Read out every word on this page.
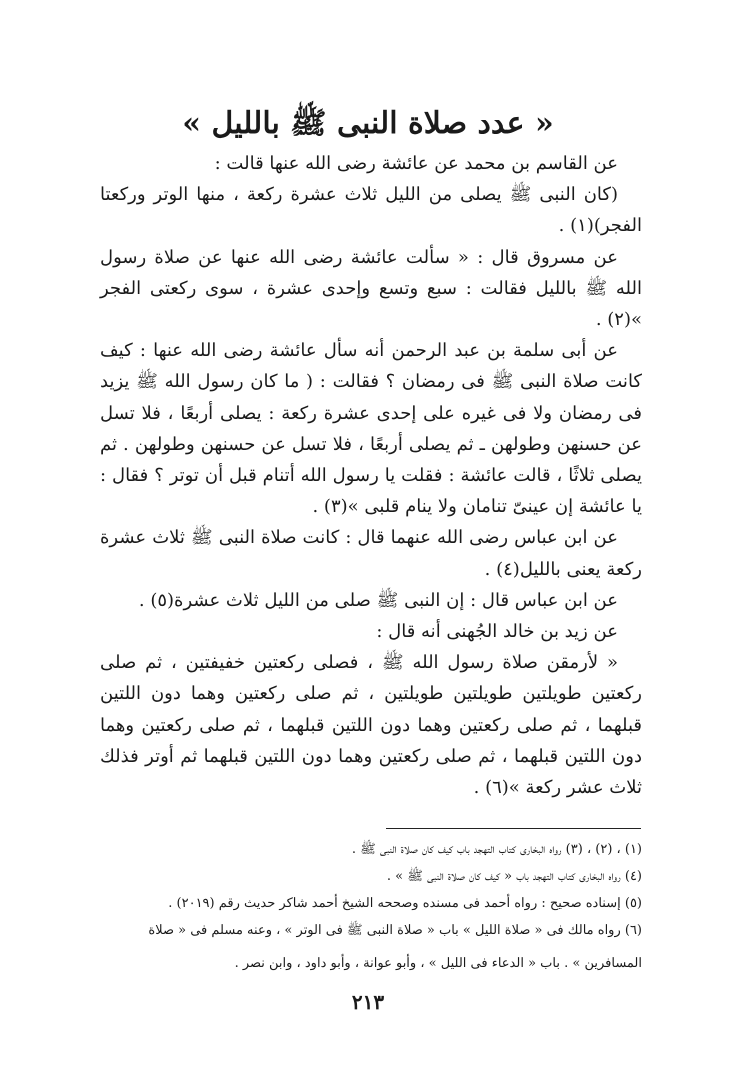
« عدد صلاة النبى ﷺ بالليل »

عن القاسم بن محمد عن عائشة رضى الله عنها قالت :

(كان النبى ﷺ يصلى من الليل ثلاث عشرة ركعة ، منها الوتر وركعتا الفجر)(١) .

عن مسروق قال : « سألت عائشة رضى الله عنها عن صلاة رسول الله ﷺ بالليل فقالت : سبع وتسع وإحدى عشرة ، سوى ركعتى الفجر »(٢) .

عن أبى سلمة بن عبد الرحمن أنه سأل عائشة رضى الله عنها : كيف كانت صلاة النبى ﷺ فى رمضان ؟ فقالت : ( ما كان رسول الله ﷺ يزيد فى رمضان ولا فى غيره على إحدى عشرة ركعة : يصلى أربعًا ، فلا تسل عن حسنهن وطولهن ـ ثم يصلى أربعًا ، فلا تسل عن حسنهن وطولهن . ثم يصلى ثلاثًا ، قالت عائشة : فقلت يا رسول الله أتنام قبل أن توتر ؟ فقال : يا عائشة إن عينىّ تنامان ولا ينام قلبى »(٣) .

عن ابن عباس رضى الله عنهما قال : كانت صلاة النبى ﷺ ثلاث عشرة ركعة يعنى بالليل(٤) .

عن ابن عباس قال : إن النبى ﷺ صلى من الليل ثلاث عشرة(٥) .

عن زيد بن خالد الجُهنى أنه قال :

« لأرمقن صلاة رسول الله ﷺ ، فصلى ركعتين خفيفتين ، ثم صلى ركعتين طويلتين طويلتين طويلتين ، ثم صلى ركعتين وهما دون اللتين قبلهما ، ثم صلى ركعتين وهما دون اللتين قبلهما ، ثم صلى ركعتين وهما دون اللتين قبلهما ، ثم صلى ركعتين وهما دون اللتين قبلهما ثم أوتر فذلك ثلاث عشر ركعة »(٦) .

(١) ، (٢) ، (٣) رواه البخارى كتاب التهجد باب كيف كان صلاة النبى ﷺ .

(٤) رواه البخارى كتاب التهجد باب « كيف كان صلاة النبى ﷺ » .

(٥) إسناده صحيح : رواه أحمد فى مسنده وصححه الشيخ أحمد شاكر حديث رقم (٢٠١٩) .

(٦) رواه مالك فى « صلاة الليل » باب « صلاة النبى ﷺ فى الوتر » ، وعنه مسلم فى « صلاة

المسافرين » . باب « الدعاء فى الليل » ، وأبو عوانة ، وأبو داود ، وابن نصر .

٢١٣
